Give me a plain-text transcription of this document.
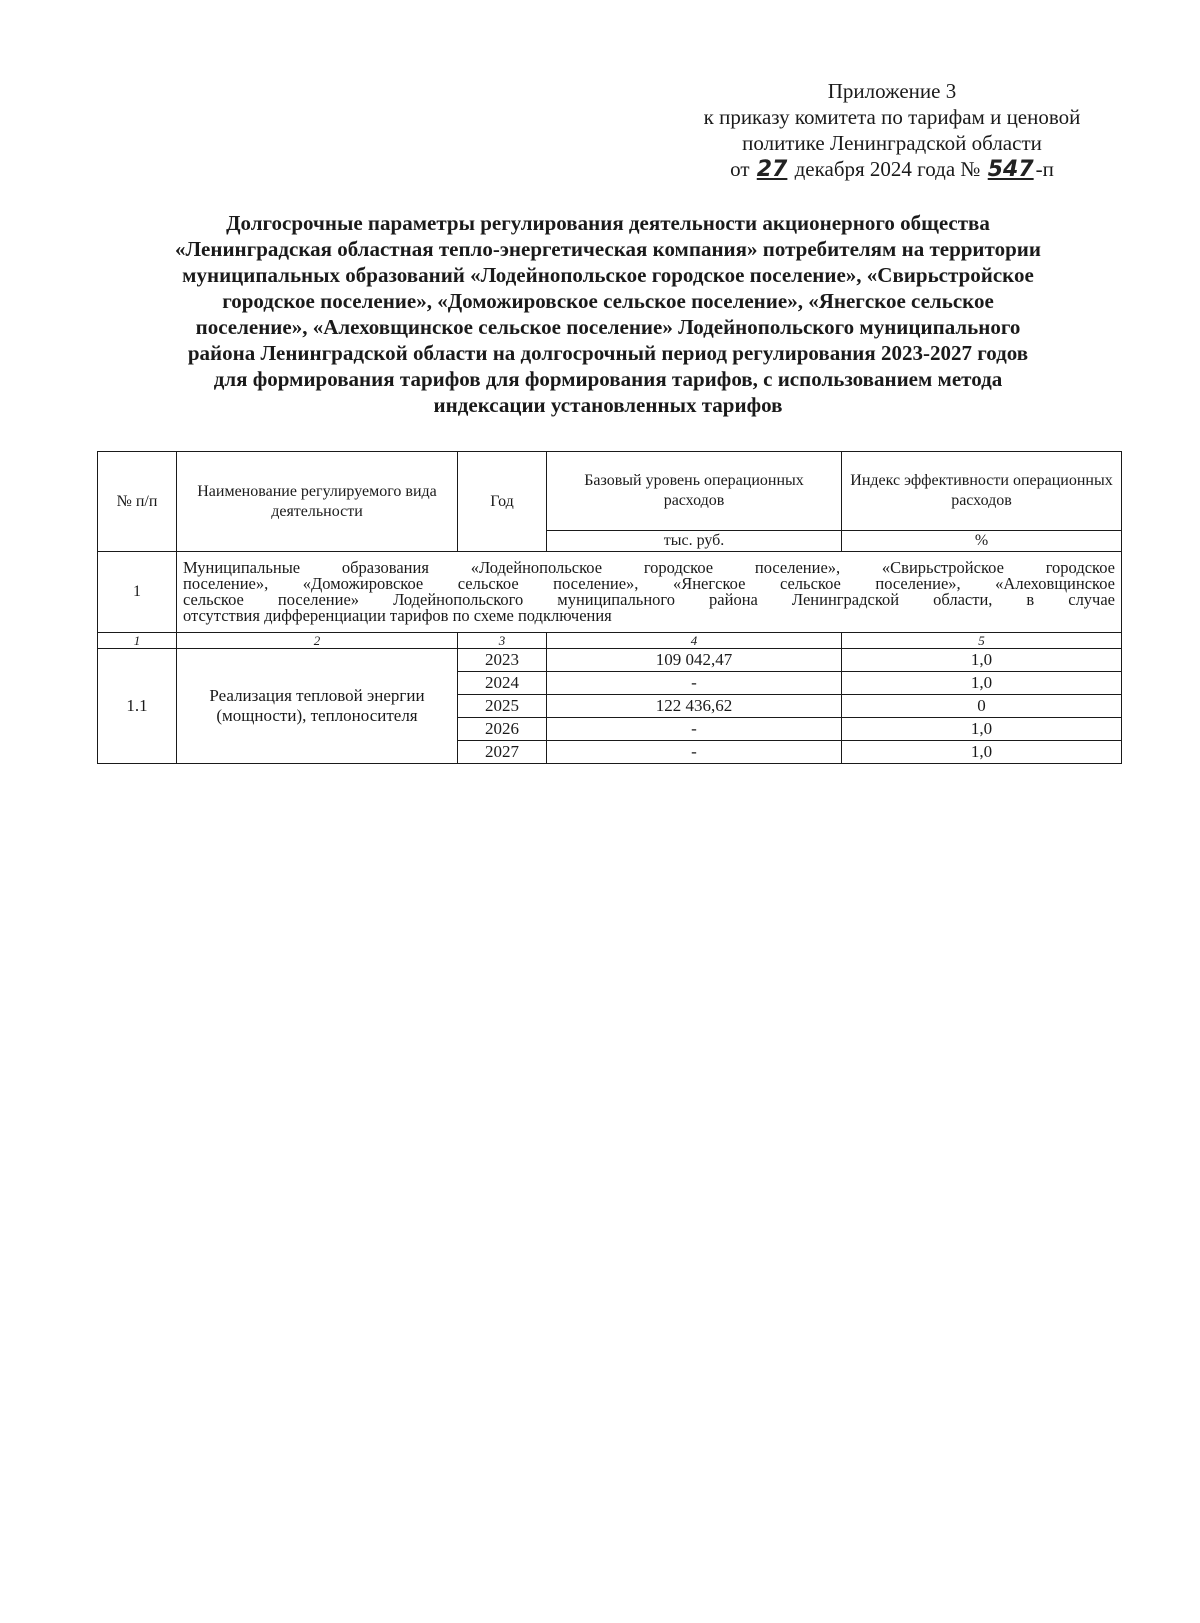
Приложение 3
к приказу комитета по тарифам и ценовой
политике Ленинградской области
от 27 декабря 2024 года № 547-п
Долгосрочные параметры регулирования деятельности акционерного общества
«Ленинградская областная тепло-энергетическая компания» потребителям на территории
муниципальных образований «Лодейнопольское городское поселение», «Свирьстройское
городское поселение», «Доможировское сельское поселение», «Янегское сельское
поселение», «Алеховщинское сельское поселение» Лодейнопольского муниципального
района Ленинградской области на долгосрочный период регулирования 2023-2027 годов
для формирования тарифов для формирования тарифов, с использованием метода
индексации установленных тарифов
№ п/п	Наименование регулируемого вида деятельности	Год	Базовый уровень операционных расходов	Индекс эффективности операционных расходов
			тыс. руб.	%
1	Муниципальные образования «Лодейнопольское городское поселение», «Свирьстройское городское
поселение», «Доможировское сельское поселение», «Янегское сельское поселение», «Алеховщинское
сельское поселение» Лодейнопольского муниципального района Ленинградской области, в случае
отсутствия дифференциации тарифов по схеме подключения			

1	2	3	4	5
1.1	Реализация тепловой энергии (мощности), теплоносителя	2023	109 042,47	1,0
		2024	-	1,0
		2025	122 436,62	0
		2026	-	1,0
		2027	-	1,0
